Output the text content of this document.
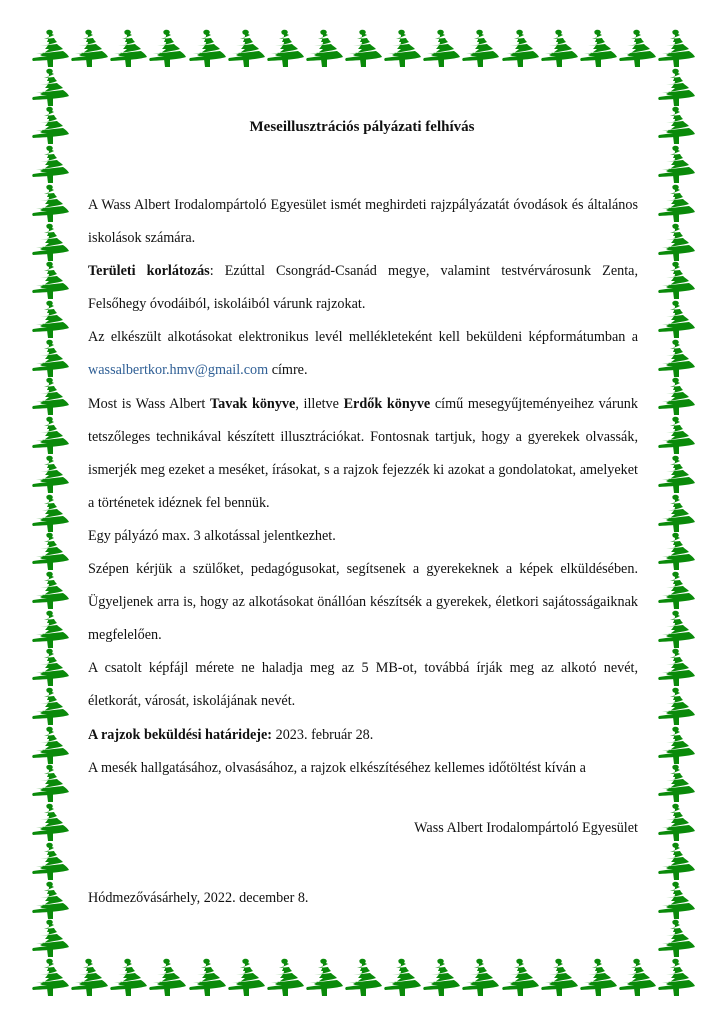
Meseillusztrációs pályázati felhívás

A Wass Albert Irodalompártoló Egyesület ismét meghirdeti rajzpályázatát óvodások és általános iskolások számára.

Területi korlátozás: Ezúttal Csongrád-Csanád megye, valamint testvérvárosunk Zenta, Felsőhegy óvodáiból, iskoláiból várunk rajzokat.

Az elkészült alkotásokat elektronikus levél mellékleteként kell beküldeni képformátumban a wassalbertkor.hmv@gmail.com címre.

Most is Wass Albert Tavak könyve, illetve Erdők könyve című mesegyűjteményeihez várunk tetszőleges technikával készített illusztrációkat. Fontosnak tartjuk, hogy a gyerekek olvassák, ismerjék meg ezeket a meséket, írásokat, s a rajzok fejezzék ki azokat a gondolatokat, amelyeket a történetek idéznek fel bennük.

Egy pályázó max. 3 alkotással jelentkezhet.

Szépen kérjük a szülőket, pedagógusokat, segítsenek a gyerekeknek a képek elküldésében. Ügyeljenek arra is, hogy az alkotásokat önállóan készítsék a gyerekek, életkori sajátosságaiknak megfelelően.

A csatolt képfájl mérete ne haladja meg az 5 MB-ot, továbbá írják meg az alkotó nevét, életkorát, városát, iskolájának nevét.

A rajzok beküldési határideje: 2023. február 28.

A mesék hallgatásához, olvasásához, a rajzok elkészítéséhez kellemes időtöltést kíván a

Wass Albert Irodalompártoló Egyesület
Hódmezővásárhely, 2022. december 8.
